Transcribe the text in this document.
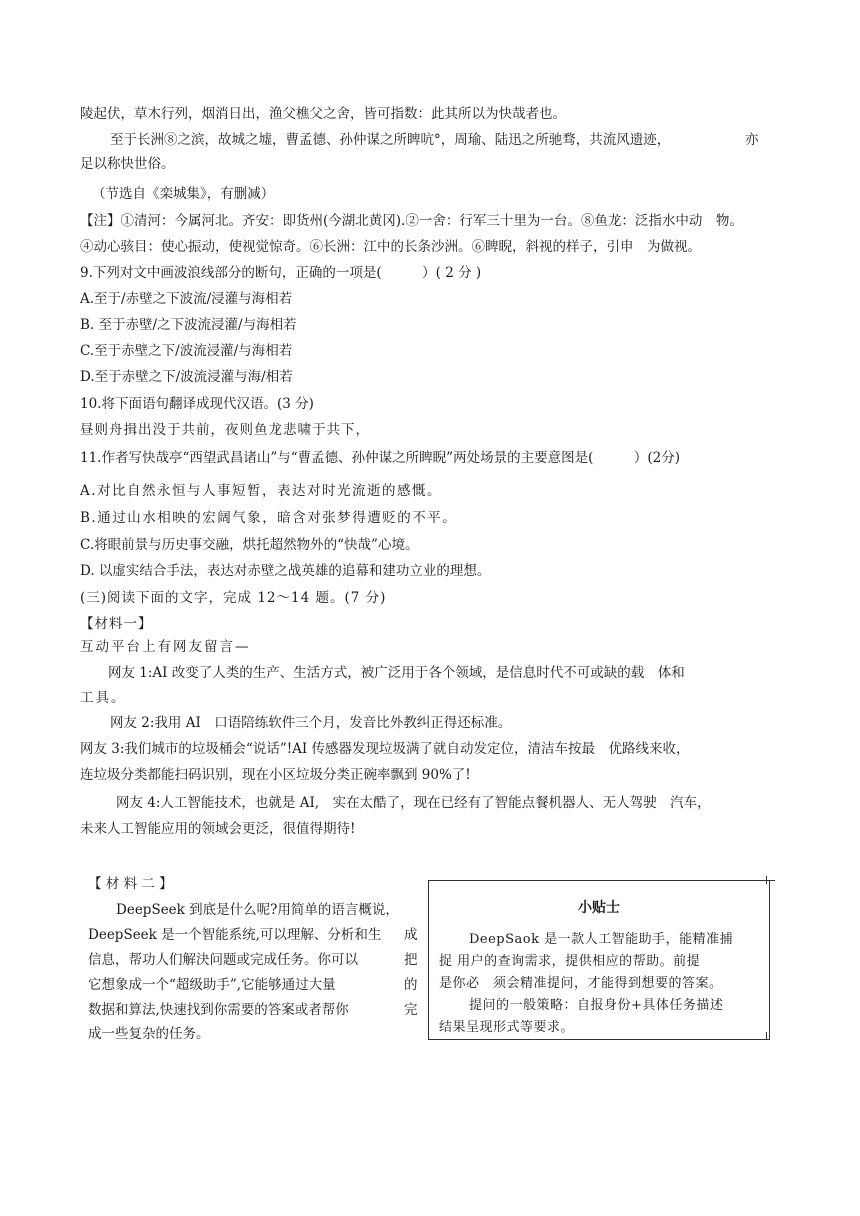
陵起伏，草木行列，烟消日出，渔父樵父之舍，皆可指数：此其所以为快哉者也。
至于长洲⑧之滨，故城之墟，曹孟德、孙仲谋之所睥吭°，周瑜、陆迅之所驰骛，共流风遗迹，	亦
足以称快世俗。
（节选自《栾城集》，有删减）
【注】①清河：今属河北。齐安：即货州(今湖北黄冈).②一舍：行军三十里为一台。⑧鱼龙：泛指水中动　物。
④动心骇目：使心振动，使视觉惊奇。⑥长洲：江中的长条沙洲。⑥睥睨，斜视的样子，引申　为做视。
9.下列对文中画波浪线部分的断句，正确的一项是(　　　）( 2 分 )
A.至于/赤壁之下波流/浸灌与海相若
B. 至于赤壁/之下波流浸灌/与海相若
C.至于赤壁之下/波流浸灌/与海相若
D.至于赤壁之下/波流浸灌与海/相若
10.将下面语句翻译成现代汉语。(3 分)
昼则舟揖出没于共前，夜则鱼龙悲啸于共下，
11.作者写快哉亭“西望武昌诸山”与“曹孟德、孙仲谋之所睥睨”两处场景的主要意图是(　　　）(2分)
A.对比自然永恒与人事短暂，表达对时光流逝的感慨。
B.通过山水相映的宏阔气象，暗含对张梦得遭贬的不平。
C.将眼前景与历史事交融，烘托超然物外的“快哉”心境。
D. 以虚实结合手法，表达对赤壁之战英雄的追幕和建功立业的理想。
(三)阅读下面的文字，完成 12～14 题。(7 分)
【材料一】
互动平台上有网友留言—
网友 1:AI 改变了人类的生产、生活方式，被广泛用于各个领域，是信息时代不可或缺的载　体和
工具。
网友 2:我用 AI　口语陪练软件三个月，发音比外教纠正得还标准。
网友 3:我们城市的垃圾桶会“说话”!AI 传感器发现垃圾满了就自动发定位，清洁车按最　优路线来收，
连垃圾分类都能扫码识别，现在小区垃圾分类正碗率飘到 90%了!
网友 4:人工智能技术，也就是 AI,　实在太酷了，现在已经有了智能点餐机器人、无人驾驶　汽车，
未来人工智能应用的领域会更泛，很值得期待!
【 材 料 二 】
DeepSeek 到底是什么呢?用简单的语言概说，
DeepSeek 是一个智能系统,可以理解、分析和生 成
信息，帮功人们解決问题或完成任务。你可以	把
它想象成一个“超级助手”,它能够通过大量	的
数据和算法,快速找到你需要的答案或者帮你	完
成一些复杂的任务。
小贴士
DeepSaok 是一款人工智能助手，能精准捕
捉 用户的查询需求，提供相应的帮助。前提
是你必　须会精准提问，才能得到想要的答案。
提问的一般策略：自报身份+具体任务描述
结果呈现形式等要求。
